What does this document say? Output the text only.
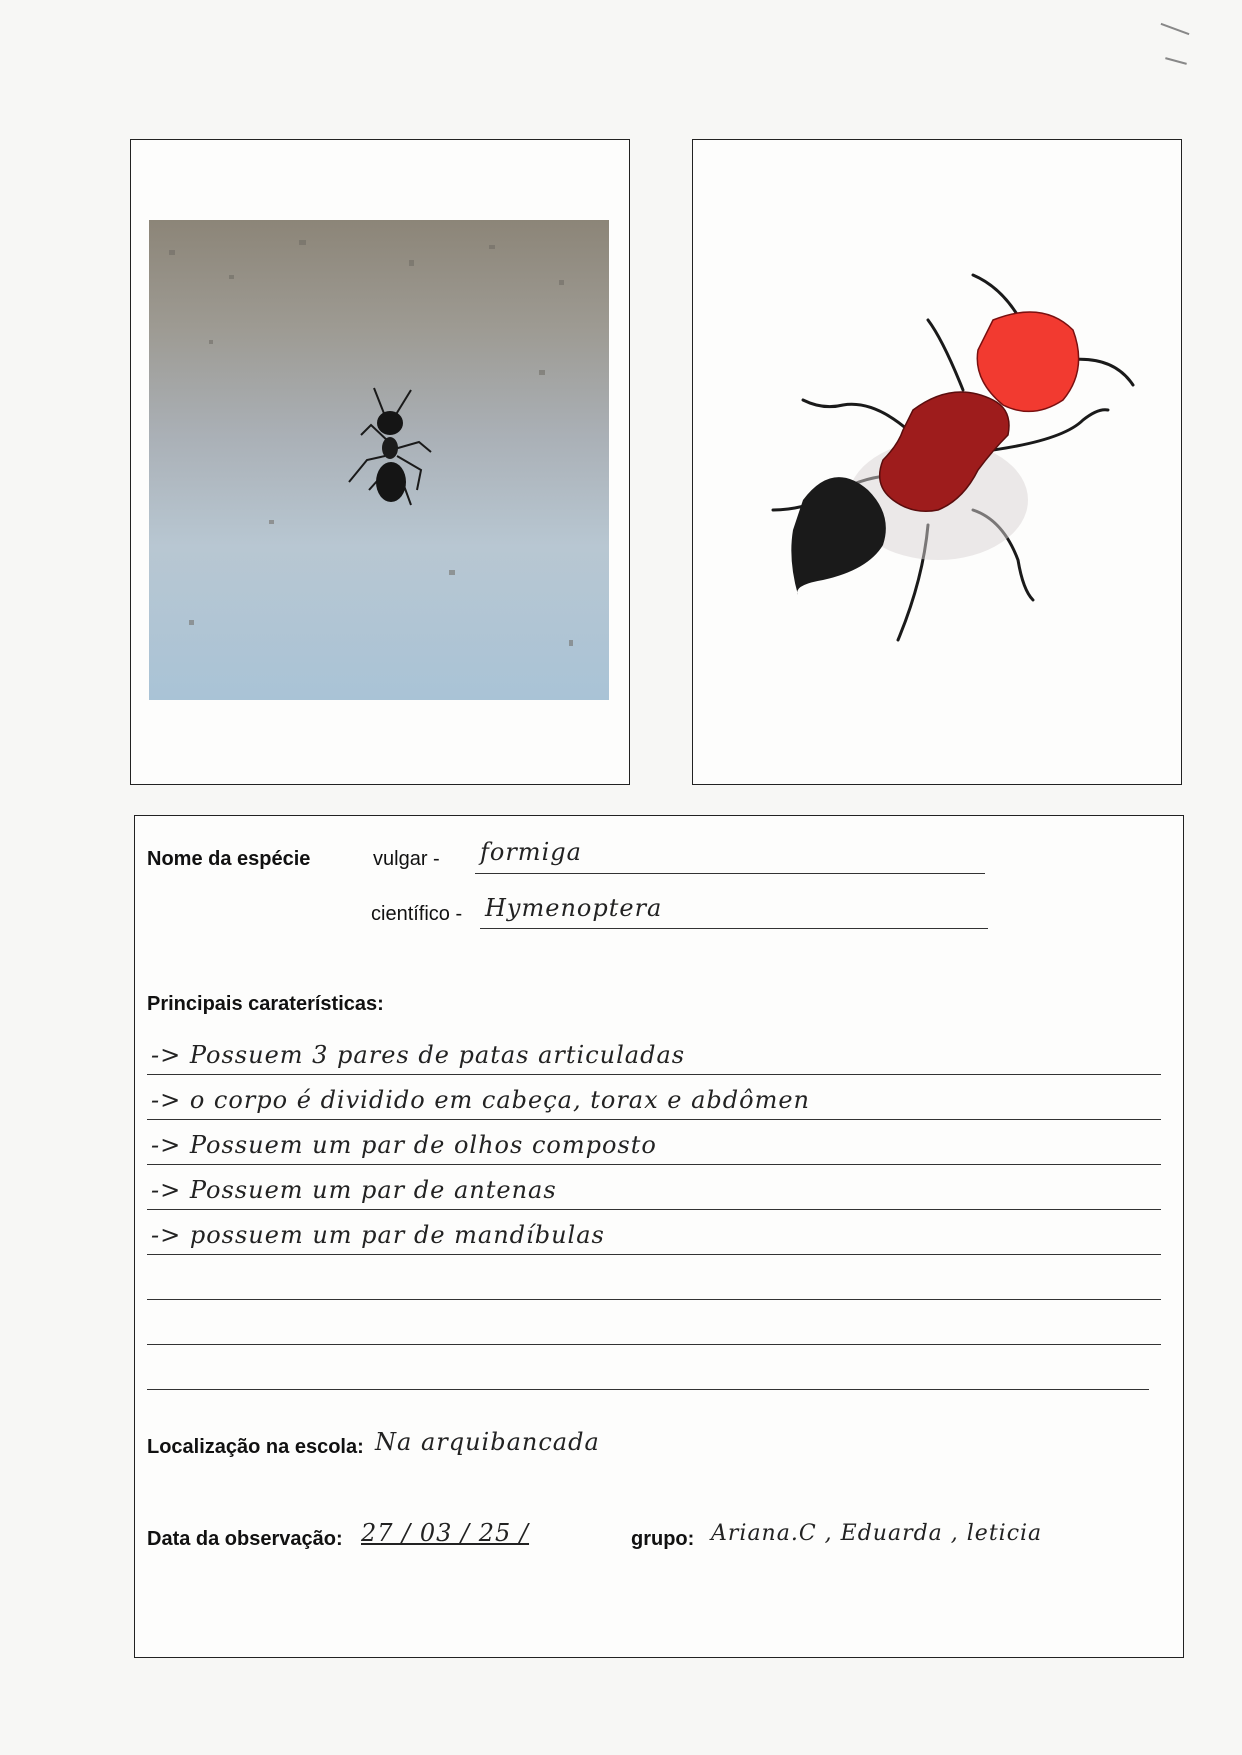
Nome da espécie	vulgar - formiga
científico - Hymenoptera
Principais caraterísticas:
-> Possuem 3 pares de patas articuladas
-> o corpo é dividido em cabeça, torax e abdômen
-> Possuem um par de olhos composto
-> Possuem um par de antenas
-> possuem um par de mandíbulas
Localização na escola: Na arquibancada
Data da observação: 27 / 03 / 25 /	grupo: Ariana.C , Eduarda , leticia
